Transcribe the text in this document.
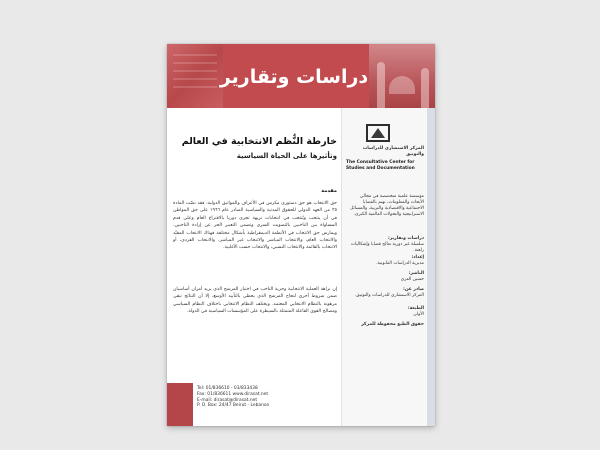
دراسات وتقارير
خارطة النُّظم الانتخابية في العالم
وتأثيرها على الحياة السياسية
مقدمة
حق الانتخاب هو حق دستوري مكرس في الأعراف والمواثيق الدولية، فقد نصّت المادة ٢٥ من العهد الدولي للحقوق المدنية والسياسية الصادر عام ١٩٦٦ على حق المواطن في أن ينتخب ويُنتخب في انتخابات نزيهة تجري دوريا بالاقتراع العام وعلى قدم المساواة بين الناخبين بالتصويت السري وتضمن التعبير الحر عن إرادة الناخبين. ويمارس حق الانتخاب في الأنظمة الديمقراطية بأشكال مختلفة فهناك الانتخاب المقيّد والانتخاب العام، والانتخاب المباشر والانتخاب غير المباشر، والانتخاب الفردي، أو الانتخاب بالقائمة والانتخاب النسبي، والانتخاب حسب الأغلبية.
إن نزاهة العملية الانتخابية وحرية الناخب في اختيار المرشح الذي يريد أمران أساسيان ضمن شروط أخرى لنجاح المرشح الذي يحظى بالتأييد الأوسع، إلا أن النتائج تبقى مرهونة بالنظام الانتخابي المعتمد. ويختلف النظام الانتخابي باختلاف النظام السياسي ومصالح القوى الفاعلة المتمثلة بالسيطرة على المؤسسات السياسية في الدولة.
المركز الاستشاري للدراسات والتوثيق
The Consultative Center for Studies and Documentation
مؤسسة علمية متخصصة في مجالي الأبحاث والمعلومات، تهتم بالقضايا الاجتماعية والاقتصادية والتربية، والمسائل الاستراتيجية والتحولات العالمية الكبرى.
دراسات وتقارير:
سلسلة غير دورية تعالج قضايا وإشكاليات راهنة.
إعداد:
مديرية الدراسات القانونية.
الناشر:
حسين العزي
صادر عن:
المركز الاستشاري للدراسات والتوثيق.
الطبعة:
الأولى
حقوق الطبع محفوظة للمركز
Tel: 01/836610 - 03/833438
Fax: 01/836611 www.dirasat.net
E-mail: dirasat@dirasat.net
P. O. Box: 24/47 Beirut - Lebanon
